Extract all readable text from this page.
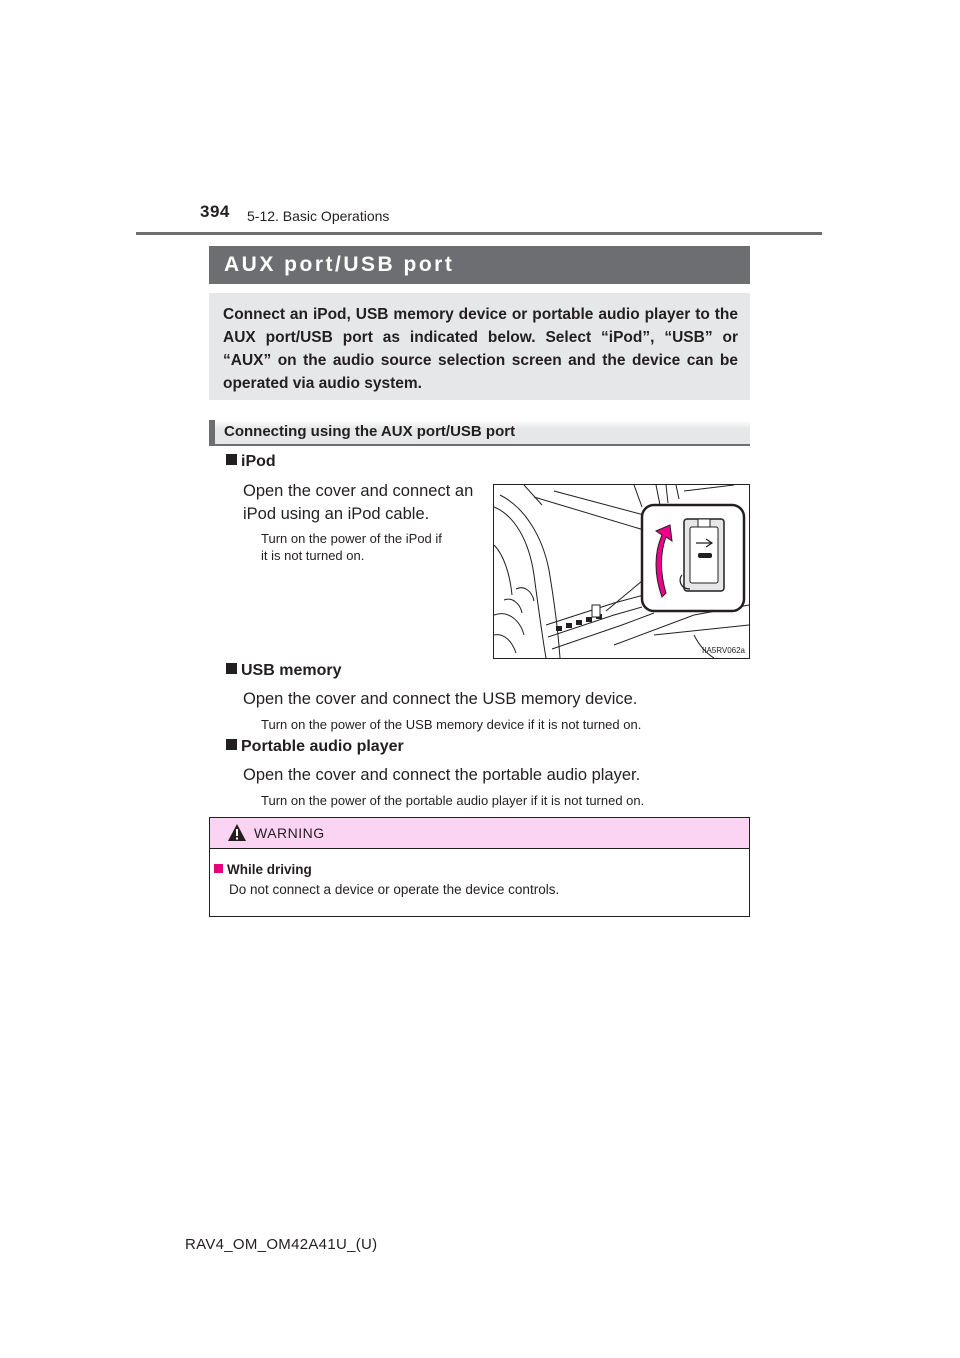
394 5-12. Basic Operations
AUX port/USB port

Connect an iPod, USB memory device or portable audio player to the AUX port/USB port as indicated below. Select “iPod”, “USB” or “AUX” on the audio source selection screen and the device can be operated via audio system.

Connecting using the AUX port/USB port
iPod
Open the cover and connect an
iPod using an iPod cable.
Turn on the power of the iPod if
it is not turned on.
IIA5RV062a
USB memory
Open the cover and connect the USB memory device.
Turn on the power of the USB memory device if it is not turned on.
Portable audio player
Open the cover and connect the portable audio player.
Turn on the power of the portable audio player if it is not turned on.
WARNING
While driving
Do not connect a device or operate the device controls.
RAV4_OM_OM42A41U_(U)
